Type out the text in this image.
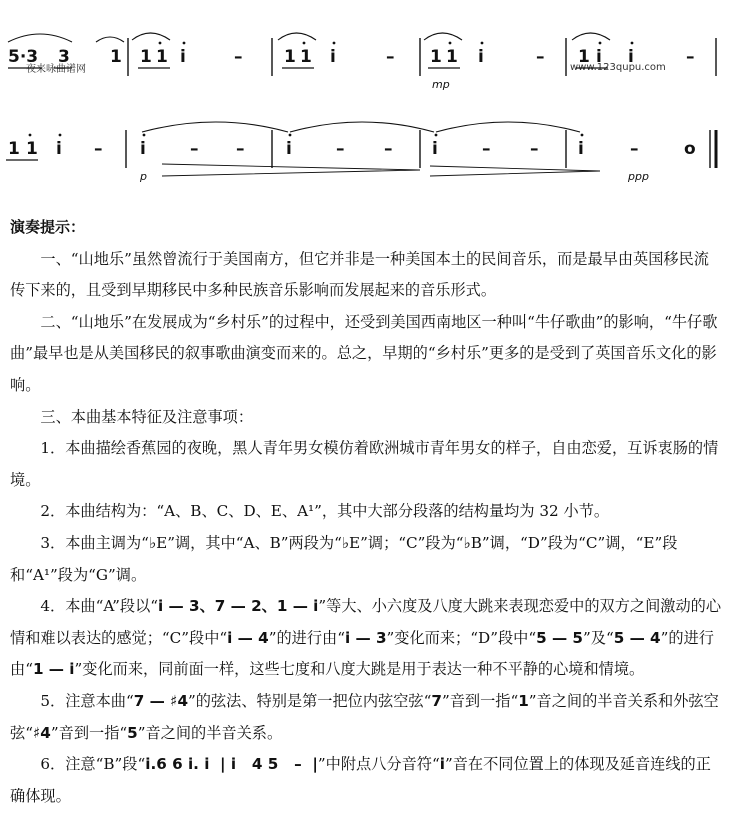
夜来咏曲谱网	www.123qupu.com
5·3 3 1 1 1 i	– 1 1 i	– 1 1 i	–
mp
1 i i	–
1 1 i – i	– –
p
i	– – i	– – i	–	o
ppp

演奏提示：

一、“山地乐”虽然曾流行于美国南方，但它并非是一种美国本土的民间音乐，而是最早由英国移民流传下来的，且受到早期移民中多种民族音乐影响而发展起来的音乐形式。

二、“山地乐”在发展成为“乡村乐”的过程中，还受到美国西南地区一种叫“牛仔歌曲”的影响，“牛仔歌曲”最早也是从美国移民的叙事歌曲演变而来的。总之，早期的“乡村乐”更多的是受到了英国音乐文化的影响。

三、本曲基本特征及注意事项：

1．本曲描绘香蕉园的夜晚，黑人青年男女模仿着欧洲城市青年男女的样子，自由恋爱，互诉衷肠的情境。

2．本曲结构为：“A、B、C、D、E、A¹”，其中大部分段落的结构量均为 32 小节。

3．本曲主调为“♭E”调，其中“A、B”两段为“♭E”调；“C”段为“♭B”调，“D”段为“C”调，“E”段和“A¹”段为“G”调。

4．本曲“A”段以“i — 3、7 — 2、1 — i”等大、小六度及八度大跳来表现恋爱中的双方之间激动的心情和难以表达的感觉；“C”段中“i — 4”的进行由“i — 3”变化而来；“D”段中“5 — 5”及“5 — 4”的进行由“1 — i”变化而来，同前面一样，这些七度和八度大跳是用于表达一种不平静的心境和情境。

5．注意本曲“7 — ♯4”的弦法、特别是第一把位内弦空弦“7”音到一指“1”音之间的半音关系和外弦空弦“♯4”音到一指“5”音之间的半音关系。

6．注意“B”段“i.6 6 i. i  | i   4 5   –  |”中附点八分音符“i”音在不同位置上的体现及延音连线的正确体现。
